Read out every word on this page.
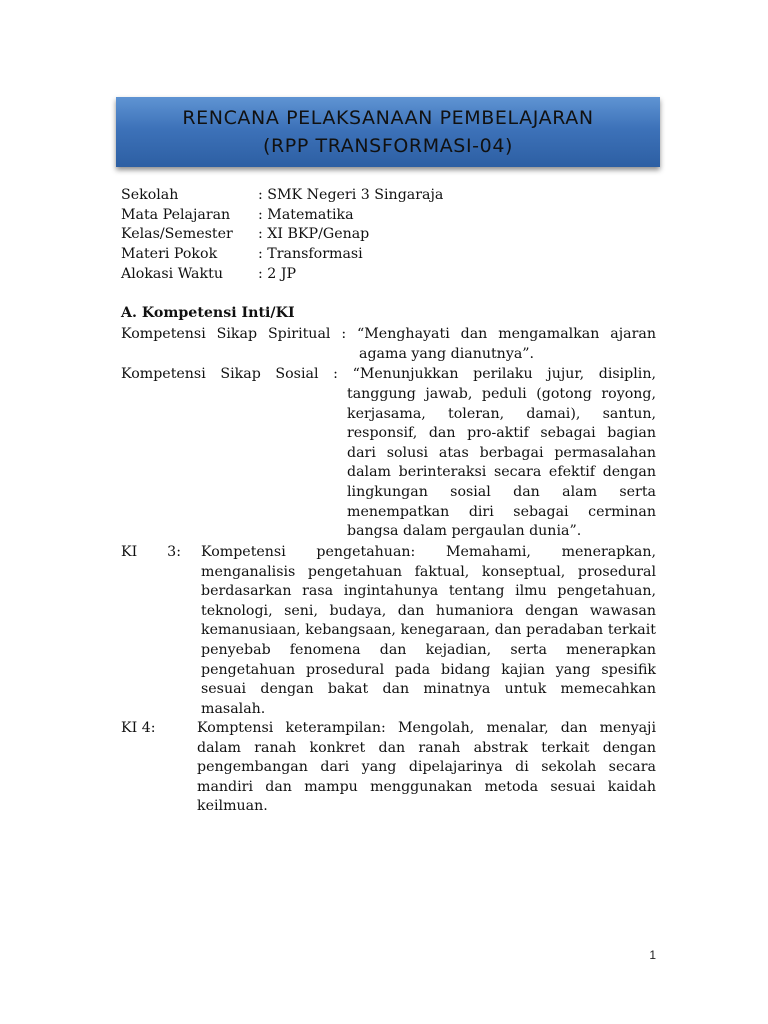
RENCANA PELAKSANAAN PEMBELAJARAN
(RPP TRANSFORMASI-04)
Sekolah	: SMK Negeri 3 Singaraja
Mata Pelajaran : Matematika
Kelas/Semester : XI BKP/Genap
Materi Pokok	: Transformasi
Alokasi Waktu : 2 JP
A. Kompetensi Inti/KI
Kompetensi Sikap Spiritual : “Menghayati dan mengamalkan ajaran
agama yang dianutnya”.
Kompetensi Sikap Sosial : “Menunjukkan perilaku jujur, disiplin,
tanggung jawab, peduli (gotong royong, kerjasama, toleran, damai), santun, responsif, dan pro-aktif sebagai bagian dari solusi atas berbagai permasalahan dalam berinteraksi secara efektif dengan lingkungan sosial dan alam serta menempatkan diri sebagai cerminan bangsa dalam pergaulan dunia”.
KI 3: Kompetensi pengetahuan: Memahami, menerapkan, menganalisis pengetahuan faktual, konseptual, prosedural berdasarkan rasa ingintahunya tentang ilmu pengetahuan, teknologi, seni, budaya, dan humaniora dengan wawasan kemanusiaan, kebangsaan, kenegaraan, dan peradaban terkait penyebab fenomena dan kejadian, serta menerapkan pengetahuan prosedural pada bidang kajian yang spesifik sesuai dengan bakat dan minatnya untuk memecahkan masalah.
KI 4:	Komptensi keterampilan: Mengolah, menalar, dan menyaji dalam ranah konkret dan ranah abstrak terkait dengan pengembangan dari yang dipelajarinya di sekolah secara mandiri dan mampu menggunakan metoda sesuai kaidah keilmuan.
1
